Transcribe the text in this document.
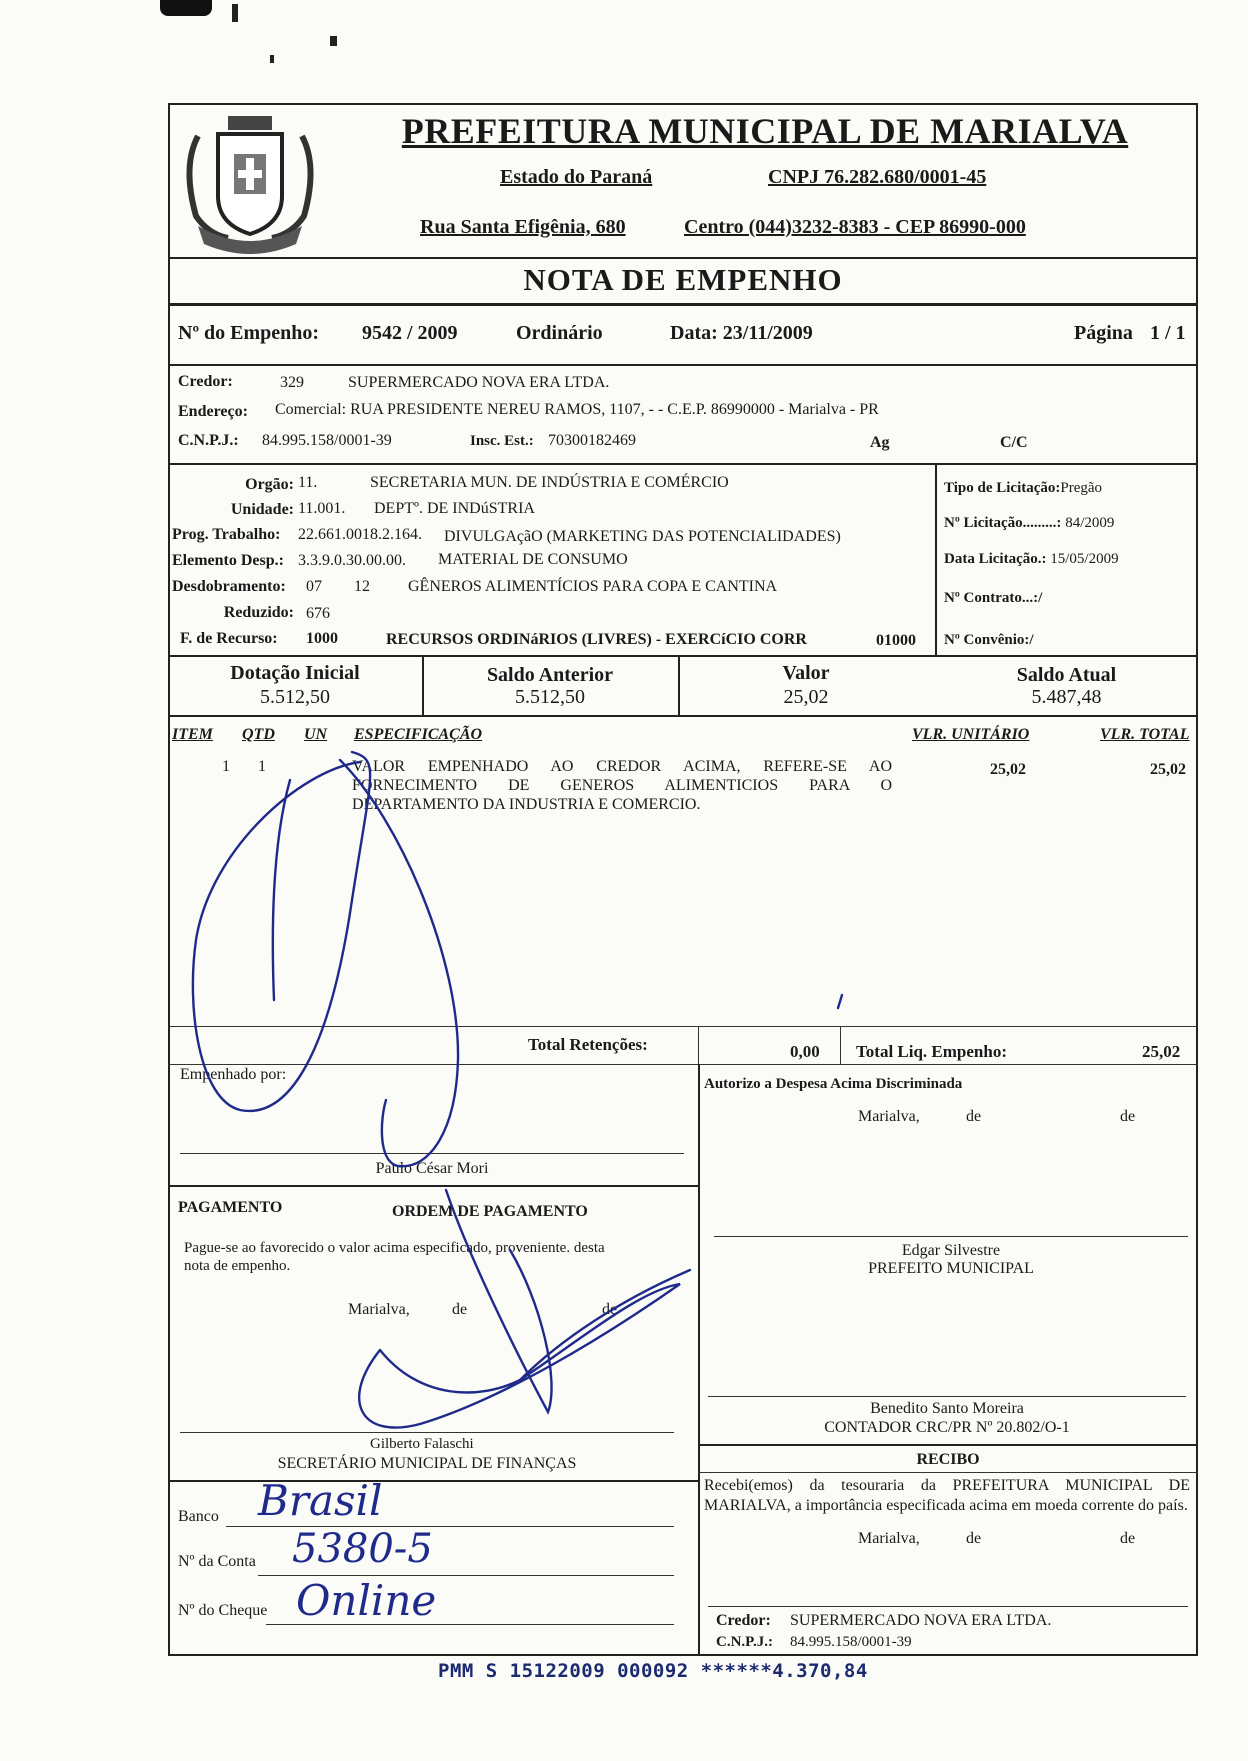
PREFEITURA MUNICIPAL DE MARIALVA
Estado do Paraná	CNPJ 76.282.680/0001-45
Rua Santa Efigênia, 680	Centro (044)3232-8383 - CEP 86990-000
NOTA DE EMPENHO
Nº do Empenho: 9542 / 2009	Ordinário	Data: 23/11/2009	Página 1 / 1
Credor:	329	SUPERMERCADO NOVA ERA LTDA.
Endereço: Comercial: RUA PRESIDENTE NEREU RAMOS, 1107, - - C.E.P. 86990000 - Marialva - PR
C.N.P.J.: 84.995.158/0001-39	Insc. Est.: 70300182469	Ag	C/C
Orgão: 11.	SECRETARIA MUN. DE INDÚSTRIA E COMÉRCIO
Unidade: 11.001. DEPTº. DE INDúSTRIA
Prog. Trabalho: 22.661.0018.2.164. DIVULGAçãO (MARKETING DAS POTENCIALIDADES)
Elemento Desp.: 3.3.9.0.30.00.00. MATERIAL DE CONSUMO
Desdobramento: 07 12 GÊNEROS ALIMENTÍCIOS PARA COPA E CANTINA
Reduzido: 676
F. de Recurso: 1000	RECURSOS ORDINáRIOS (LIVRES) - EXERCíCIO CORR	01000
Tipo de Licitação:Pregão
Nº Licitação.........: 84/2009
Data Licitação.: 15/05/2009
Nº Contrato...:/
Nº Convênio:/
Dotação Inicial
5.512,50
Saldo Anterior
5.512,50
Valor
25,02
Saldo Atual
5.487,48
ITEM QTD UN ESPECIFICAÇÃO	VLR. UNITÁRIO	VLR. TOTAL
1 1	VALOR EMPENHADO AO CREDOR ACIMA, REFERE-SE AO
FORNECIMENTO DE GENEROS ALIMENTICIOS PARA O
DEPARTAMENTO DA INDUSTRIA E COMERCIO.
25,02	25,02
Total Retenções:	0,00 Total Liq. Empenho:	25,02
Empenhado por:
Paulo César Mori
PAGAMENTO	ORDEM DE PAGAMENTO
Pague-se ao favorecido o valor acima especificado, proveniente. desta
nota de empenho.
Marialva,	de	de
Gilberto Falaschi
SECRETÁRIO MUNICIPAL DE FINANÇAS
Banco Brasil
Nº da Conta 5380-5
Nº do Cheque Online
Autorizo a Despesa Acima Discriminada
Marialva,	de	de
Edgar Silvestre
PREFEITO MUNICIPAL
Benedito Santo Moreira
CONTADOR CRC/PR Nº 20.802/O-1
RECIBO
Recebi(emos) da tesouraria da PREFEITURA MUNICIPAL DE MARIALVA, a importância especificada acima em moeda corrente do país.
Marialva,	de	de
Credor: SUPERMERCADO NOVA ERA LTDA.
C.N.P.J.: 84.995.158/0001-39
PMM S 15122009 000092 ******4.370,84
